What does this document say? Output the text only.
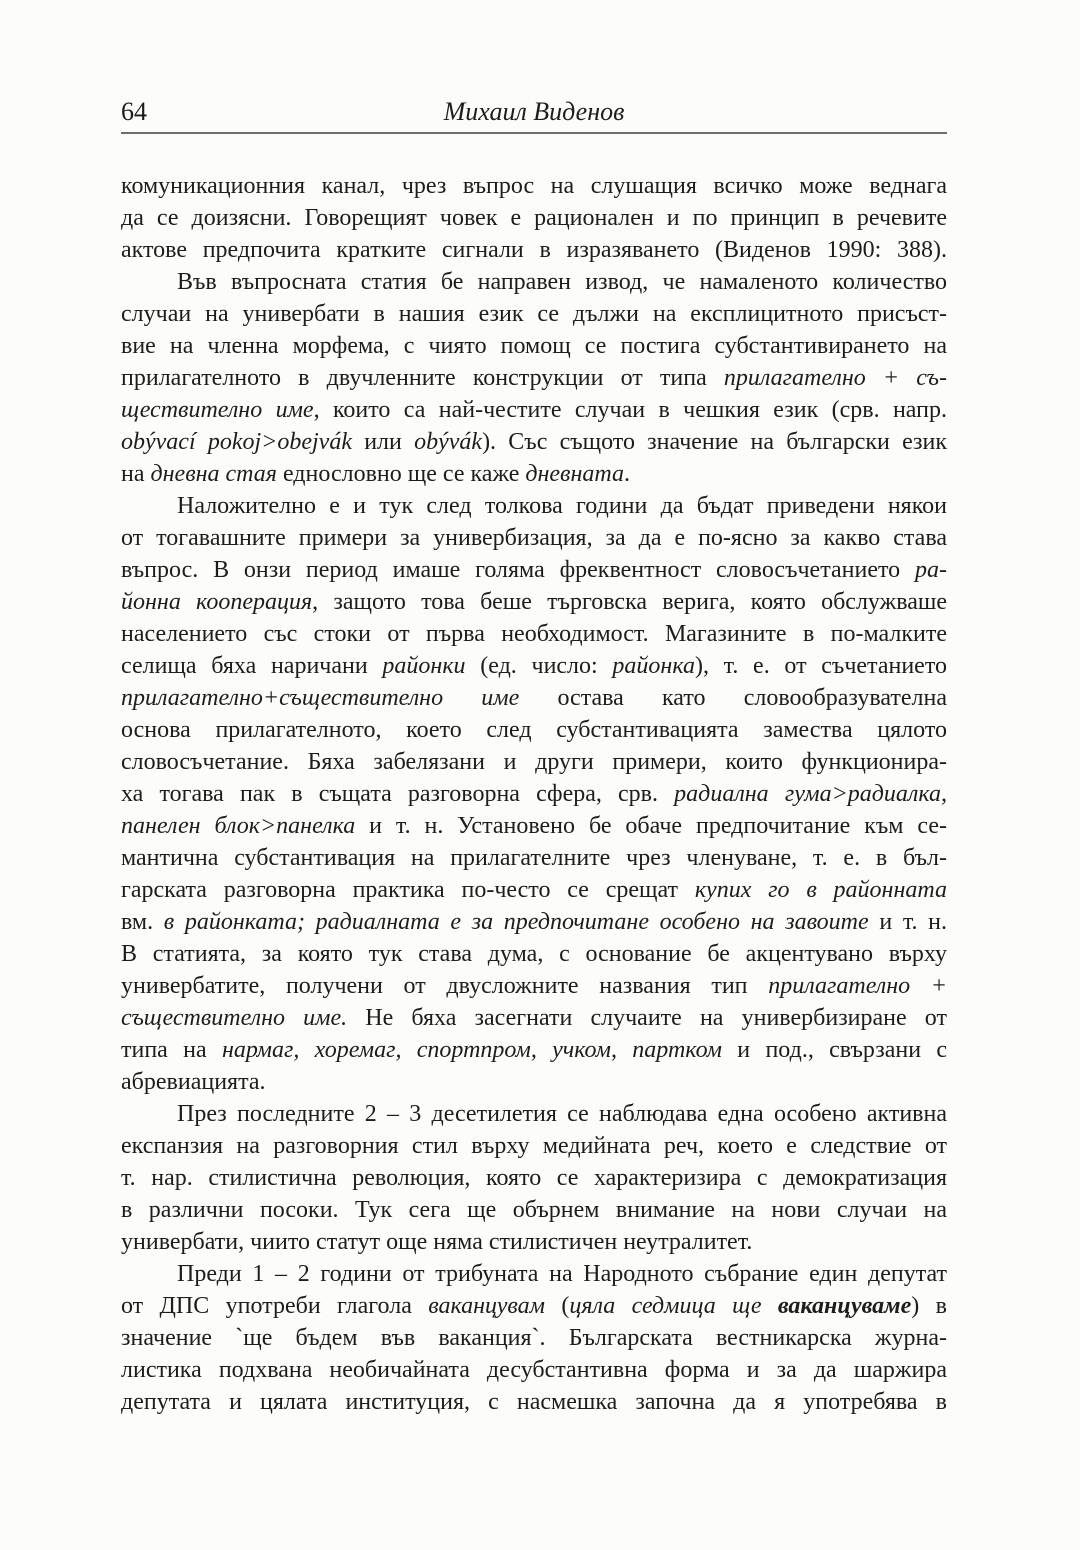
64	Михаил Виденов
комуникационния канал, чрез въпрос на слушащия всичко може веднага
да се доизясни. Говорещият човек е рационален и по принцип в речевите
актове предпочита кратките сигнали в изразяването (Виденов 1990: 388).
Във въпросната статия бе направен извод, че намаленото количество
случаи на универбати в нашия език се дължи на експлицитното присъст-
вие на членна морфема, с чиято помощ се постига субстантивирането на
прилагателното в двучленните конструкции от типа прилагателно + съ-
ществително име, които са най-честите случаи в чешкия език (срв. напр.
obývací pokoj>obejvák или obývák). Със същото значение на български език
на дневна стая еднословно ще се каже дневната.
Наложително е и тук след толкова години да бъдат приведени някои
от тогавашните примери за универбизация, за да е по-ясно за какво става
въпрос. В онзи период имаше голяма фреквентност словосъчетанието ра-
йонна кооперация, защото това беше търговска верига, която обслужваше
населението със стоки от първа необходимост. Магазините в по-малките
селища бяха наричани районки (ед. число: районка), т. е. от съчетанието
прилагателно+съществително име остава като словообразувателна
основа прилагателното, което след субстантивацията замества цялото
словосъчетание. Бяха забелязани и други примери, които функционира-
ха тогава пак в същата разговорна сфера, срв. радиална гума>радиалка,
панелен блок>панелка и т. н. Установено бе обаче предпочитание към се-
мантична субстантивация на прилагателните чрез членуване, т. е. в бъл-
гарската разговорна практика по-често се срещат купих го в районната
вм. в районката; радиалната е за предпочитане особено на завоите и т. н.
В статията, за която тук става дума, с основание бе акцентувано върху
универбатите, получени от двусложните названия тип прилагателно +
съществително име. Не бяха засегнати случаите на универбизиране от
типа на нармаг, хоремаг, спортпром, учком, партком и под., свързани с
абревиацията.
През последните 2 – 3 десетилетия се наблюдава една особено активна
експанзия на разговорния стил върху медийната реч, което е следствие от
т. нар. стилистична революция, която се характеризира с демократизация
в различни посоки. Тук сега ще обърнем внимание на нови случаи на
универбати, чиито статут още няма стилистичен неутралитет.
Преди 1 – 2 години от трибуната на Народното събрание един депутат
от ДПС употреби глагола ваканцувам (цяла седмица ще ваканцуваме) в
значение `ще бъдем във ваканция`. Българската вестникарска журна-
листика подхвана необичайната десубстантивна форма и за да шаржира
депутата и цялата институция, с насмешка започна да я употребява в
